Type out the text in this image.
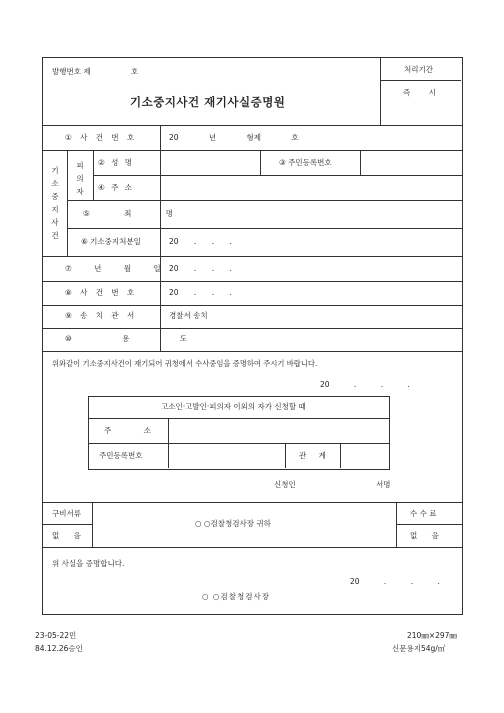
발행번호 제	호	처리기간
즉 시
기소중지사건 재기사실증명원
① 사 건 번 호	20 년 형제 호
기소중지사건
피의자
② 성 명	③ 주민등록번호
④ 주 소
⑤ 죄 명
⑥ 기소중지처분일	20 . . .
⑦ 년 월 일 20 . . .
⑧ 사 건 번 호	20 . . .
⑨ 송 치 관 서	경찰서 송치
⑩ 용 도
위와같이 기소중지사건이 재기되어 귀청에서 수사중임을 증명하여 주시기 바랍니다.
20 . . .
고소인·고발인·피의자 이외의 자가 신청할 때
주 소
주민등록번호	관 계
신청인	서명
구비서류
없 음
○ ○검찰청검사장 귀하
수 수 료
없 음
위 사실을 증명합니다.
20 . . .
○ ○검찰청검사장
23-05-22민
84.12.26승인
210㎜×297㎜
신문용지54g/㎡
